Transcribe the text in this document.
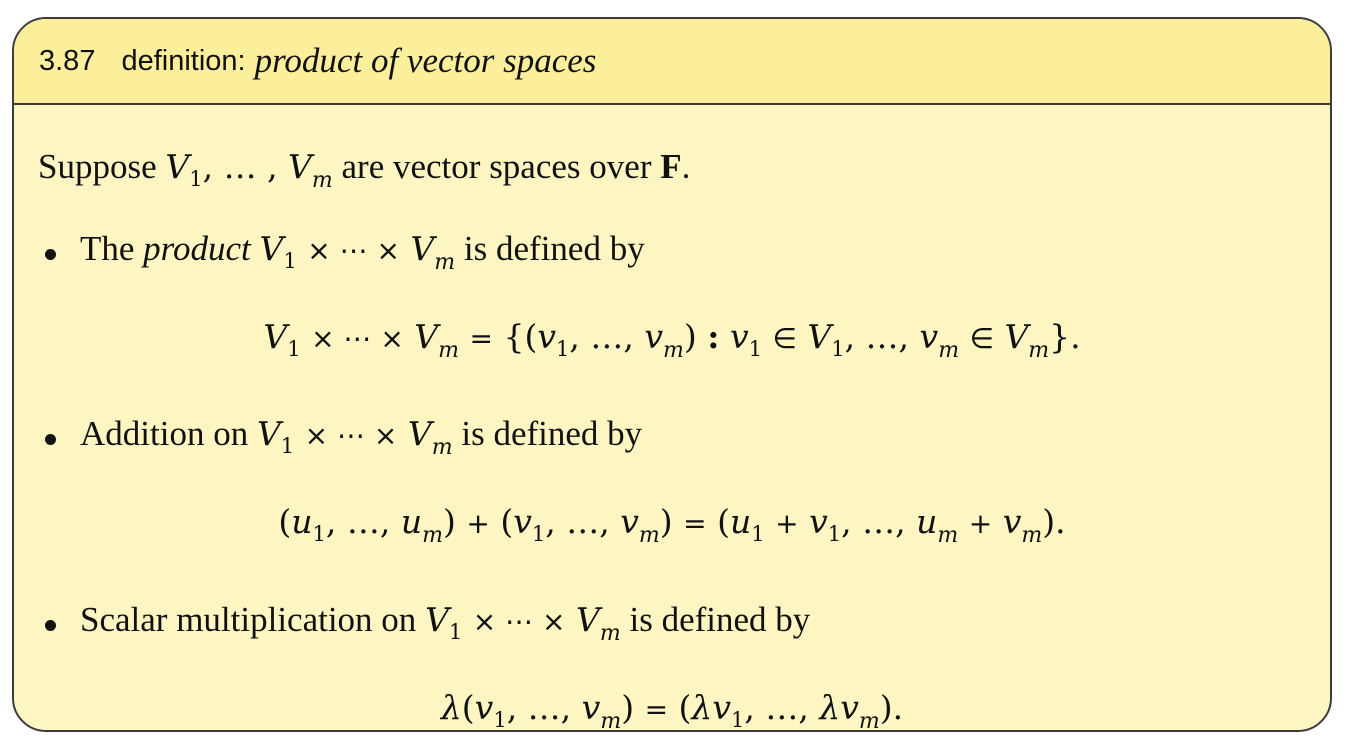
3.87 definition: product of vector spaces
Suppose $V_1$, … , $V_m$ are vector spaces over F.
The product $V_1$ × ⋯ × $V_m$ is defined by
$V_1$ × ⋯ × $V_m = \{(v_1$, …, $v_m$) : $v_1$ ∈ $V_1$, …, $v_m$ ∈ $V_m$}.
Addition on $V_1$ × ⋯ × $V_m$ is defined by
($u_1$, …, $u_m) + (v_1$, …, $v_m) = (u_1 + v_1$, …, $u_m + v_m$).
Scalar multiplication on $V_1$ × ⋯ × $V_m$ is defined by
$\lambda(v_1$, …, $v_m) = (\lambda v_1$, …, $\lambda v_m$).
